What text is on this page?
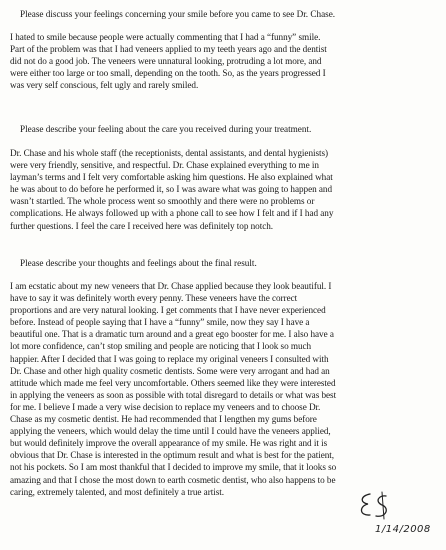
Please discuss your feelings concerning your smile before you came to see Dr. Chase.
I hated to smile because people were actually commenting that I had a “funny” smile.
Part of the problem was that I had veneers applied to my teeth years ago and the dentist
did not do a good job. The veneers were unnatural looking, protruding a lot more, and
were either too large or too small, depending on the tooth. So, as the years progressed I
was very self conscious, felt ugly and rarely smiled.
Please describe your feeling about the care you received during your treatment.
Dr. Chase and his whole staff (the receptionists, dental assistants, and dental hygienists)
were very friendly, sensitive, and respectful. Dr. Chase explained everything to me in
layman’s terms and I felt very comfortable asking him questions. He also explained what
he was about to do before he performed it, so I was aware what was going to happen and
wasn’t startled. The whole process went so smoothly and there were no problems or
complications. He always followed up with a phone call to see how I felt and if I had any
further questions. I feel the care I received here was definitely top notch.
Please describe your thoughts and feelings about the final result.
I am ecstatic about my new veneers that Dr. Chase applied because they look beautiful. I
have to say it was definitely worth every penny. These veneers have the correct
proportions and are very natural looking. I get comments that I have never experienced
before. Instead of people saying that I have a “funny” smile, now they say I have a
beautiful one. That is a dramatic turn around and a great ego booster for me. I also have a
lot more confidence, can’t stop smiling and people are noticing that I look so much
happier. After I decided that I was going to replace my original veneers I consulted with
Dr. Chase and other high quality cosmetic dentists. Some were very arrogant and had an
attitude which made me feel very uncomfortable. Others seemed like they were interested
in applying the veneers as soon as possible with total disregard to details or what was best
for me. I believe I made a very wise decision to replace my veneers and to choose Dr.
Chase as my cosmetic dentist. He had recommended that I lengthen my gums before
applying the veneers, which would delay the time until I could have the veneers applied,
but would definitely improve the overall appearance of my smile. He was right and it is
obvious that Dr. Chase is interested in the optimum result and what is best for the patient,
not his pockets. So I am most thankful that I decided to improve my smile, that it looks so
amazing and that I chose the most down to earth cosmetic dentist, who also happens to be
caring, extremely talented, and most definitely a true artist.
1/14/2008
